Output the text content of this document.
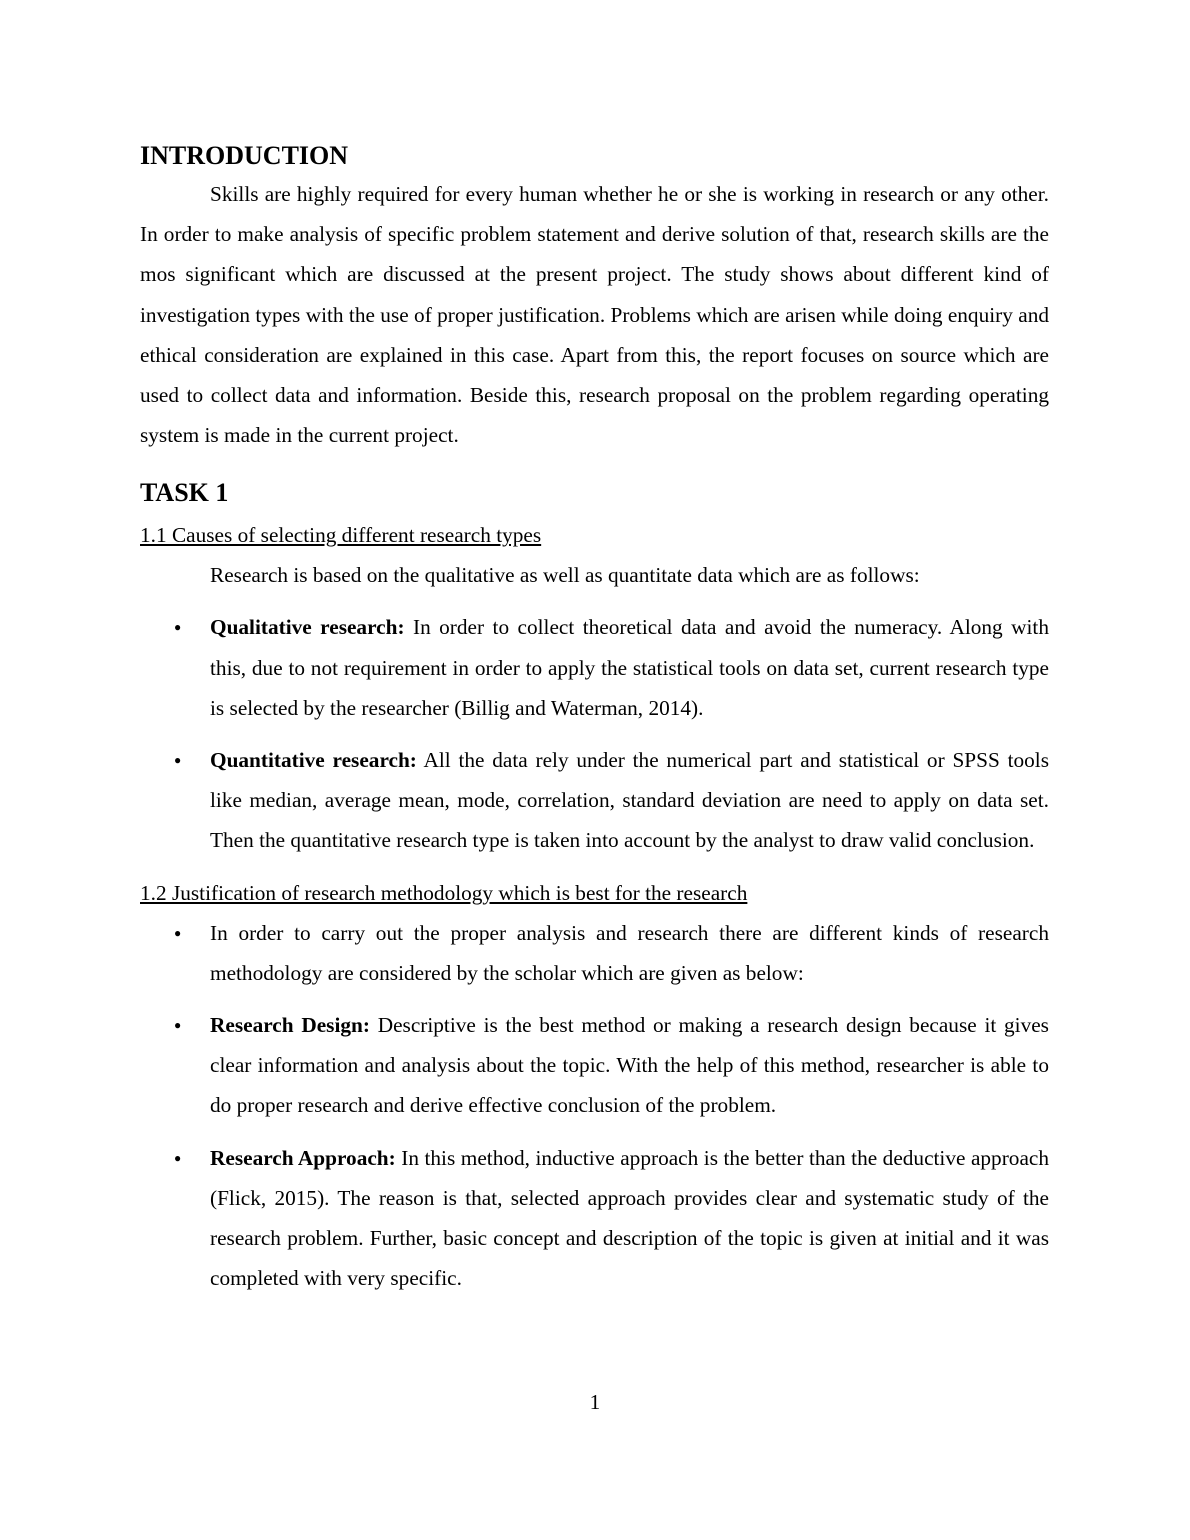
INTRODUCTION

Skills are highly required for every human whether he or she is working in research or any other. In order to make analysis of specific problem statement and derive solution of that, research skills are the mos significant which are discussed at the present project. The study shows about different kind of investigation types with the use of proper justification. Problems which are arisen while doing enquiry and ethical consideration are explained in this case. Apart from this, the report focuses on source which are used to collect data and information. Beside this, research proposal on the problem regarding operating system is made in the current project.

TASK 1
1.1 Causes of selecting different research types
Research is based on the qualitative as well as quantitate data which are as follows:
● Qualitative research: In order to collect theoretical data and avoid the numeracy. Along with this, due to not requirement in order to apply the statistical tools on data set, current research type is selected by the researcher (Billig and Waterman, 2014).
● Quantitative research: All the data rely under the numerical part and statistical or SPSS tools like median, average mean, mode, correlation, standard deviation are need to apply on data set. Then the quantitative research type is taken into account by the analyst to draw valid conclusion.
1.2 Justification of research methodology which is best for the research
● In order to carry out the proper analysis and research there are different kinds of research methodology are considered by the scholar which are given as below:
● Research Design: Descriptive is the best method or making a research design because it gives clear information and analysis about the topic. With the help of this method, researcher is able to do proper research and derive effective conclusion of the problem.
● Research Approach: In this method, inductive approach is the better than the deductive approach (Flick, 2015). The reason is that, selected approach provides clear and systematic study of the research problem. Further, basic concept and description of the topic is given at initial and it was completed with very specific.
1
